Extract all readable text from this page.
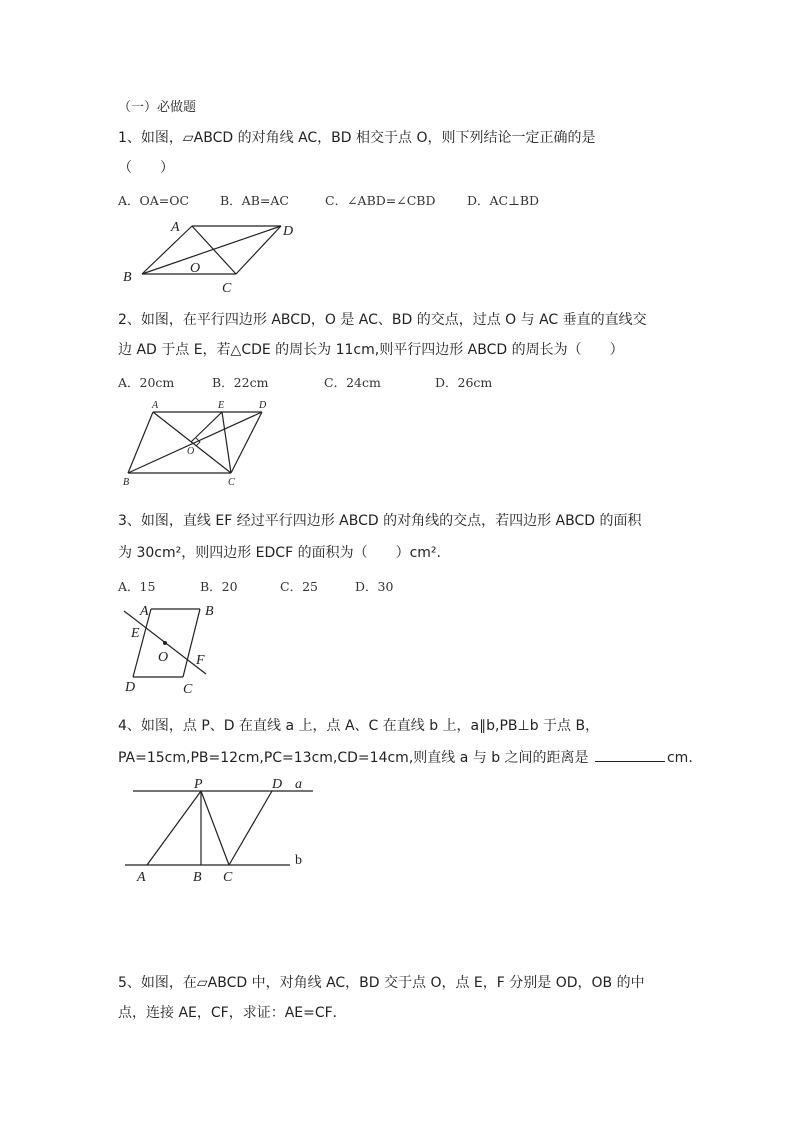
（一）必做题
1、如图，▱ABCD 的对角线 AC，BD 相交于点 O，则下列结论一定正确的是
（　　）
A．OA=OC B．AB=AC	C．∠ABD=∠CBD	D．AC⊥BD
2、如图，在平行四边形 ABCD，O 是 AC、BD 的交点，过点 O 与 AC 垂直的直线交
边 AD 于点 E，若△CDE 的周长为 11cm,则平行四边形 ABCD 的周长为（　　）
A．20cm	B．22cm	C．24cm	D．26cm
3、如图，直线 EF 经过平行四边形 ABCD 的对角线的交点，若四边形 ABCD 的面积
为 30cm²，则四边形 EDCF 的面积为（　　）cm².
A．15	B．20	C．25	D．30
4、如图，点 P、D 在直线 a 上，点 A、C 在直线 b 上，a∥b,PB⊥b 于点 B，
PA=15cm,PB=12cm,PC=13cm,CD=14cm,则直线 a 与 b 之间的距离是	cm.
5、如图，在▱ABCD 中，对角线 AC，BD 交于点 O，点 E，F 分别是 OD，OB 的中
点，连接 AE，CF，求证：AE=CF．
A	D
B
O
C
A	E	D
B
O
C
A	B
E
O F
D	C
P	D a
b
A	B C
